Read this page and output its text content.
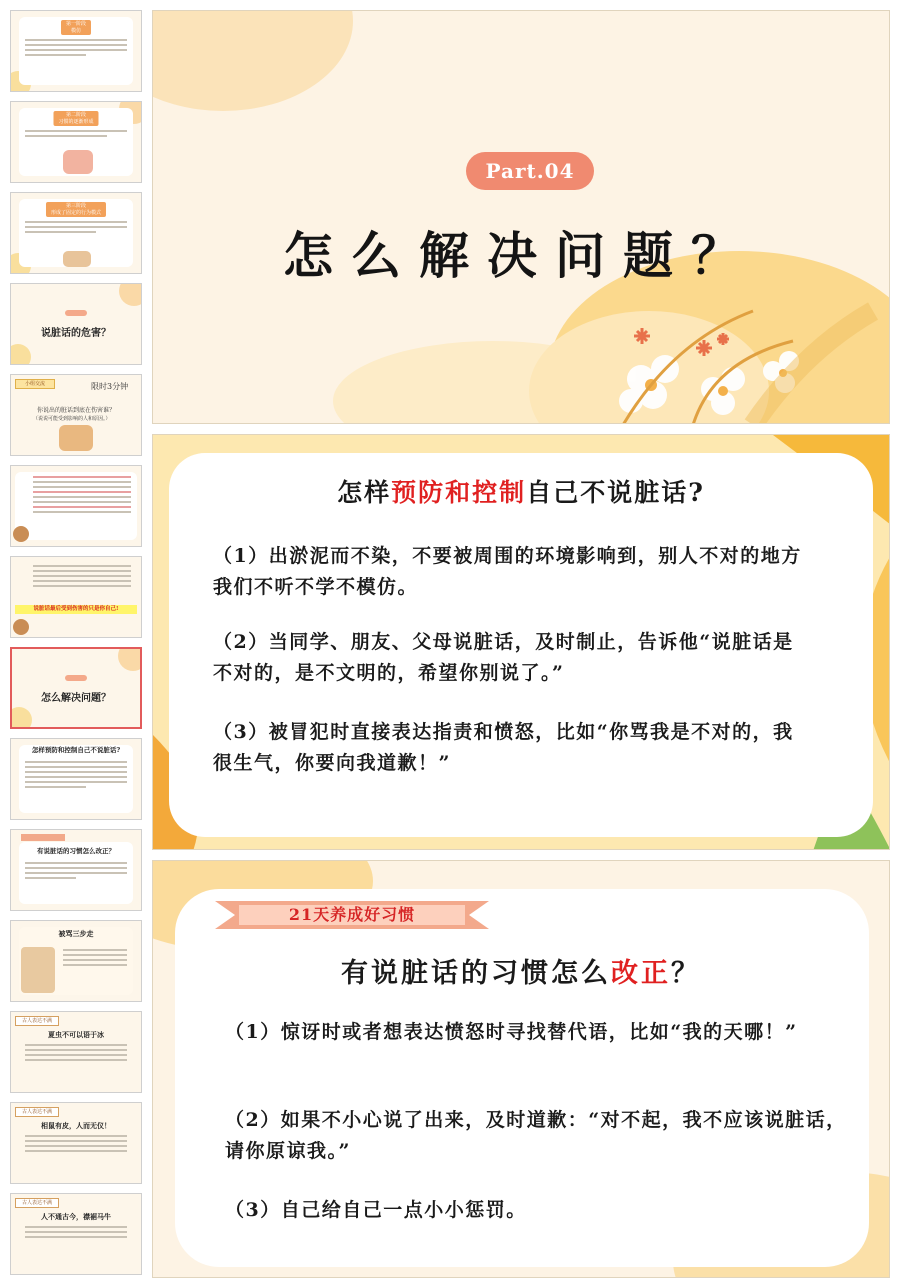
第一阶段
模仿
第二阶段
习惯的逐渐形成
第三阶段
形成了固定的行为模式
说脏话的危害？
小组交流	限时3分钟
你说出的脏话到底在伤害谁？
（说说可能受到影响的人和原因。）
说脏话最后受到伤害的只是你自己!
怎么解决问题？
怎样预防和控制自己不说脏话?
有说脏话的习惯怎么改正？
被骂三步走
古人表达不满
夏虫不可以语于冰
古人表达不满
相鼠有皮，人而无仪！
古人表达不满
人不通古今，襟裾马牛
Part.04
怎么解决问题？
怎样预防和控制自己不说脏话?
（1）出淤泥而不染，不要被周围的环境影响到，别人不对的地方我们不听不学不模仿。
（2）当同学、朋友、父母说脏话，及时制止，告诉他“说脏话是不对的，是不文明的，希望你别说了。”
（3）被冒犯时直接表达指责和愤怒，比如“你骂我是不对的，我很生气，你要向我道歉！”
21天养成好习惯
有说脏话的习惯怎么改正？
（1）惊讶时或者想表达愤怒时寻找替代语，比如“我的天哪！”
（2）如果不小心说了出来，及时道歉：“对不起，我不应该说脏话，请你原谅我。”
（3）自己给自己一点小小惩罚。
